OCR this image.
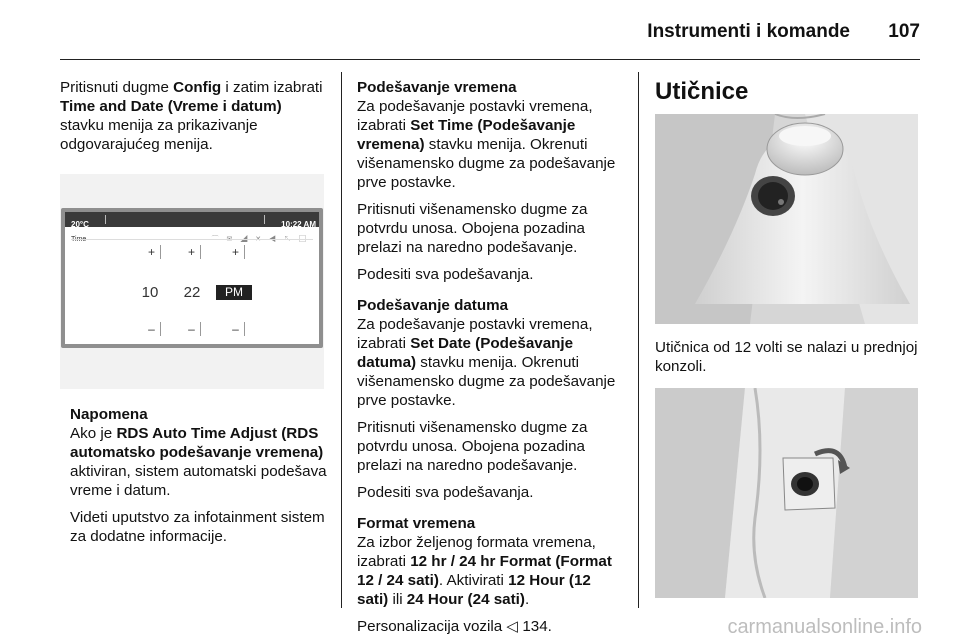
Instrumenti i komande 107

Pritisnuti dugme Config i zatim izabrati Time and Date (Vreme i datum) stavku menija za prikazivanje odgovarajućeg menija.

20°C	10:22 AM
+	+	+
10	22	PM
–	–	–
Napomena

Ako je RDS Auto Time Adjust (RDS automatsko podešavanje vremena) aktiviran, sistem automatski podešava vreme i datum.

Videti uputstvo za infotainment sistem za dodatne informacije.

Podešavanje vremena

Za podešavanje postavki vremena, izabrati Set Time (Podešavanje vremena) stavku menija. Okrenuti višenamensko dugme za podešavanje prve postavke.

Pritisnuti višenamensko dugme za potvrdu unosa. Obojena pozadina prelazi na naredno podešavanje.

Podesiti sva podešavanja.

Podešavanje datuma

Za podešavanje postavki vremena, izabrati Set Date (Podešavanje datuma) stavku menija. Okrenuti višenamensko dugme za podešavanje prve postavke.

Pritisnuti višenamensko dugme za potvrdu unosa. Obojena pozadina prelazi na naredno podešavanje.

Podesiti sva podešavanja.

Format vremena

Za izbor željenog formata vremena, izabrati 12 hr / 24 hr Format (Format 12 / 24 sati). Aktivirati 12 Hour (12 sati) ili 24 Hour (24 sati).

Personalizacija vozila ◁ 134.

Utičnice

Utičnica od 12 volti se nalazi u prednjoj konzoli.

carmanualsonline.info
